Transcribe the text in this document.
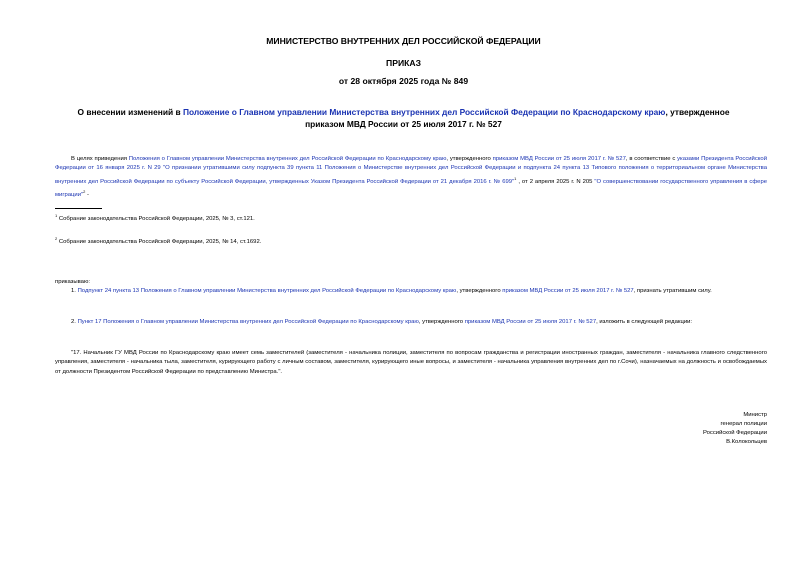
МИНИСТЕРСТВО ВНУТРЕННИХ ДЕЛ РОССИЙСКОЙ ФЕДЕРАЦИИ
ПРИКАЗ
от 28 октября 2025 года № 849
О внесении изменений в Положение о Главном управлении Министерства внутренних дел Российской Федерации по Краснодарскому краю, утвержденное приказом МВД России от 25 июля 2017 г. № 527
В целях приведения Положения о Главном управлении Министерства внутренних дел Российской Федерации по Краснодарскому краю, утвержденного приказом МВД России от 25 июля 2017 г. № 527, в соответствие с указами Президента Российской Федерации от 16 января 2025 г. N 29 "О признании утратившими силу подпункта 39 пункта 11 Положения о Министерстве внутренних дел Российской Федерации и подпункта 24 пункта 13 Типового положения о территориальном органе Министерства внутренних дел Российской Федерации по субъекту Российской Федерации, утвержденных Указом Президента Российской Федерации от 21 декабря 2016 г. № 699"$^1$ , от 2 апреля 2025 г. N 205 "О совершенствовании государственного управления в сфере миграции"$^2$ -
$^1$ Собрание законодательства Российской Федерации, 2025, № 3, ст.121.
$^2$ Собрание законодательства Российской Федерации, 2025, № 14, ст.1692.
приказываю:
1. Подпункт 24 пункта 13 Положения о Главном управлении Министерства внутренних дел Российской Федерации по Краснодарскому краю, утвержденного приказом МВД России от 25 июля 2017 г. № 527, признать утратившим силу.
2. Пункт 17 Положения о Главном управлении Министерства внутренних дел Российской Федерации по Краснодарскому краю, утвержденного приказом МВД России от 25 июля 2017 г. № 527, изложить в следующей редакции:
"17. Начальник ГУ МВД России по Краснодарскому краю имеет семь заместителей (заместителя - начальника полиции, заместителя по вопросам гражданства и регистрации иностранных граждан, заместителя - начальника главного следственного управления, заместителя - начальника тыла, заместителя, курирующего работу с личным составом, заместителя, курирующего иные вопросы, и заместителя - начальника управления внутренних дел по г.Сочи), назначаемых на должность и освобождаемых от должности Президентом Российской Федерации по представлению Министра.".
Министр
генерал полиции
Российской Федерации
В.Колокольцев
